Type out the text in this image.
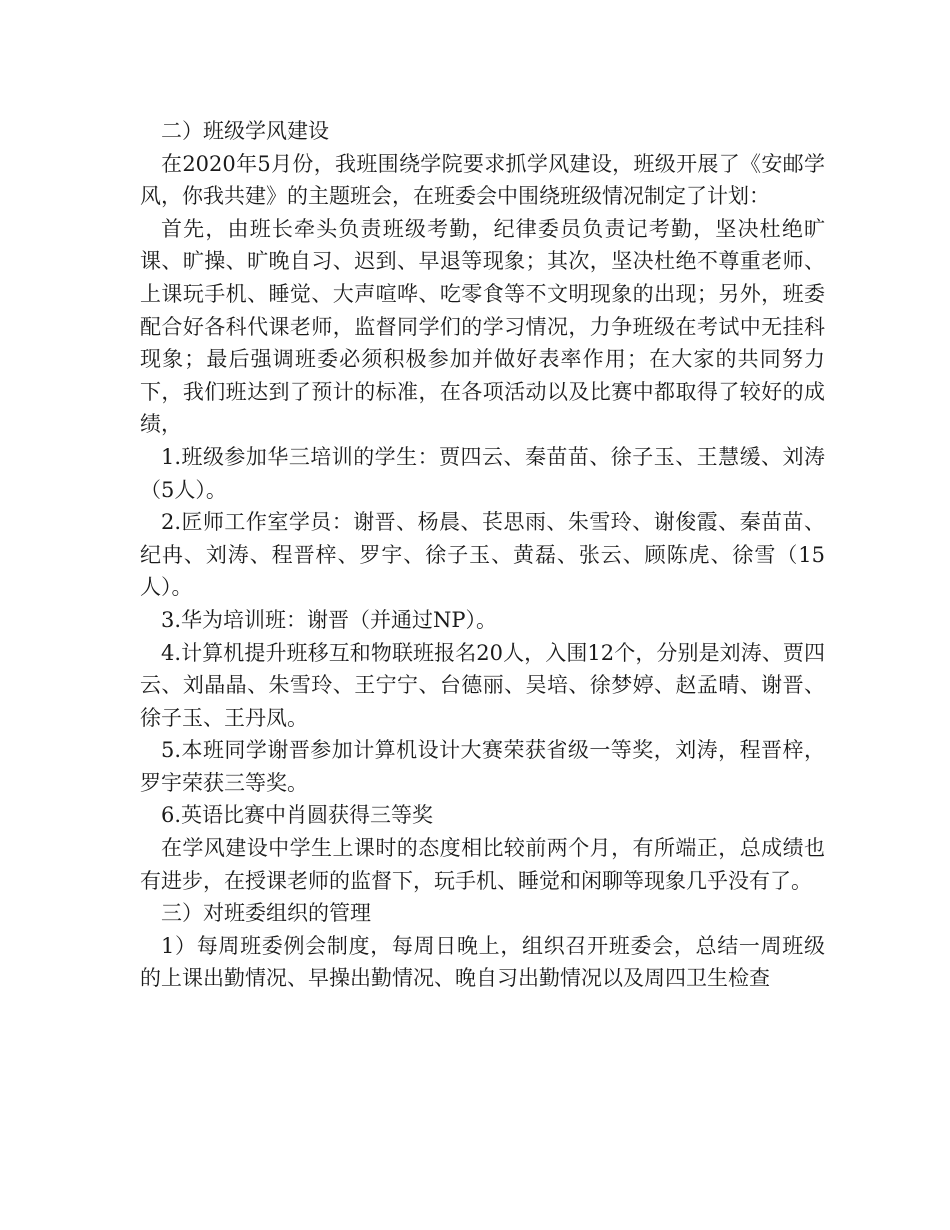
二）班级学风建设

在2020年5月份，我班围绕学院要求抓学风建设，班级开展了《安邮学风，你我共建》的主题班会，在班委会中围绕班级情况制定了计划：

首先，由班长牵头负责班级考勤，纪律委员负责记考勤，坚决杜绝旷课、旷操、旷晚自习、迟到、早退等现象；其次，坚决杜绝不尊重老师、上课玩手机、睡觉、大声喧哗、吃零食等不文明现象的出现；另外，班委配合好各科代课老师，监督同学们的学习情况，力争班级在考试中无挂科现象；最后强调班委必须积极参加并做好表率作用；在大家的共同努力下，我们班达到了预计的标准，在各项活动以及比赛中都取得了较好的成绩，

1.班级参加华三培训的学生：贾四云、秦苗苗、徐子玉、王慧缓、刘涛（5人）。

2.匠师工作室学员：谢晋、杨晨、苌思雨、朱雪玲、谢俊霞、秦苗苗、纪冉、刘涛、程晋梓、罗宇、徐子玉、黄磊、张云、顾陈虎、徐雪（15人）。

3.华为培训班：谢晋（并通过NP）。

4.计算机提升班移互和物联班报名20人，入围12个，分别是刘涛、贾四云、刘晶晶、朱雪玲、王宁宁、台德丽、吴培、徐梦婷、赵孟晴、谢晋、徐子玉、王丹凤。

5.本班同学谢晋参加计算机设计大赛荣获省级一等奖，刘涛，程晋梓，罗宇荣获三等奖。

6.英语比赛中肖圆获得三等奖

在学风建设中学生上课时的态度相比较前两个月，有所端正，总成绩也有进步，在授课老师的监督下，玩手机、睡觉和闲聊等现象几乎没有了。

三）对班委组织的管理

1）每周班委例会制度，每周日晚上，组织召开班委会，总结一周班级的上课出勤情况、早操出勤情况、晚自习出勤情况以及周四卫生检查
